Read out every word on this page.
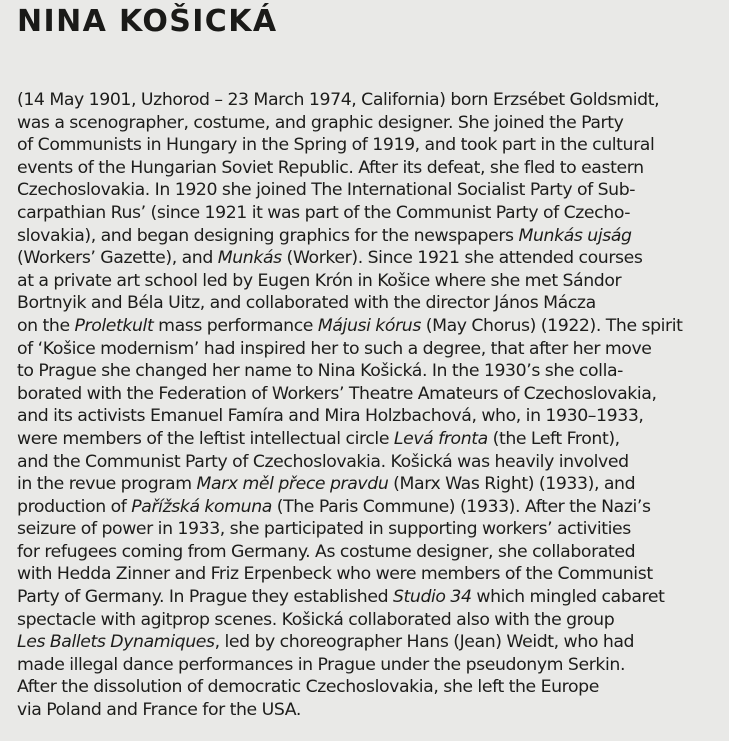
NINA KOŠICKÁ
(14 May 1901, Uzhorod – 23 March 1974, California) born Erzsébet Goldsmidt,
was a scenographer, costume, and graphic designer. She joined the Party
of Communists in Hungary in the Spring of 1919, and took part in the cultural
events of the Hungarian Soviet Republic. After its defeat, she fled to eastern
Czechoslovakia. In 1920 she joined The International Socialist Party of Sub-
carpathian Rus’ (since 1921 it was part of the Communist Party of Czecho-
slovakia), and began designing graphics for the newspapers Munkás ujság
(Workers’ Gazette), and Munkás (Worker). Since 1921 she attended courses
at a private art school led by Eugen Krón in Košice where she met Sándor
Bortnyik and Béla Uitz, and collaborated with the director János Mácza
on the Proletkult mass performance Májusi kórus (May Chorus) (1922). The spirit
of ‘Košice modernism’ had inspired her to such a degree, that after her move
to Prague she changed her name to Nina Košická. In the 1930’s she colla-
borated with the Federation of Workers’ Theatre Amateurs of Czechoslovakia,
and its activists Emanuel Famíra and Mira Holzbachová, who, in 1930–1933,
were members of the leftist intellectual circle Levá fronta (the Left Front),
and the Communist Party of Czechoslovakia. Košická was heavily involved
in the revue program Marx měl přece pravdu (Marx Was Right) (1933), and
production of Pařížská komuna (The Paris Commune) (1933). After the Nazi’s
seizure of power in 1933, she participated in supporting workers’ activities
for refugees coming from Germany. As costume designer, she collaborated
with Hedda Zinner and Friz Erpenbeck who were members of the Communist
Party of Germany. In Prague they established Studio 34 which mingled cabaret
spectacle with agitprop scenes. Košická collaborated also with the group
Les Ballets Dynamiques, led by choreographer Hans (Jean) Weidt, who had
made illegal dance performances in Prague under the pseudonym Serkin.
After the dissolution of democratic Czechoslovakia, she left the Europe
via Poland and France for the USA.
